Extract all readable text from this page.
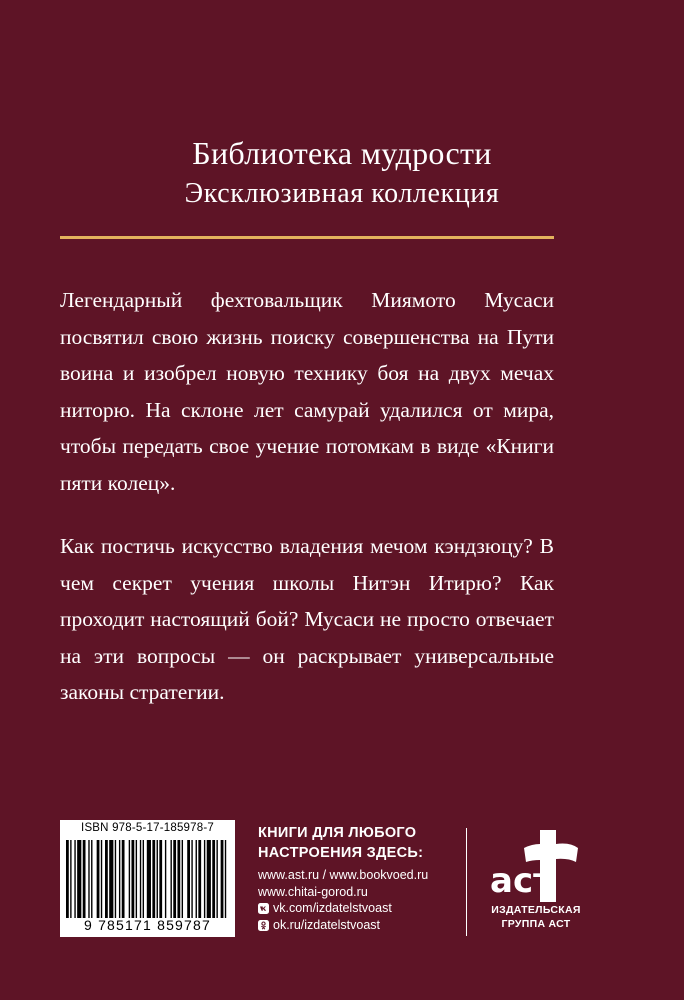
Библиотека мудрости
Эксклюзивная коллекция
Легендарный фехтовальщик Миямото Мусаси посвятил свою жизнь поиску совершенства на Пути воина и изобрел новую технику боя на двух мечах ниторю. На склоне лет самурай удалился от мира, чтобы передать свое учение потомкам в виде «Книги пяти колец».
Как постичь искусство владения мечом кэндзюцу? В чем секрет учения школы Нитэн Итирю? Как проходит настоящий бой? Мусаси не просто отвечает на эти вопросы — он раскрывает универсальные законы стратегии.
ISBN 978-5-17-185978-7
9 785171 859787
КНИГИ ДЛЯ ЛЮБОГО
НАСТРОЕНИЯ ЗДЕСЬ:
www.ast.ru / www.bookvoed.ru
www.chitai-gorod.ru
vk.com/izdatelstvoast
ok.ru/izdatelstvoast
аст
ИЗДАТЕЛЬСКАЯ
ГРУППА АСТ
